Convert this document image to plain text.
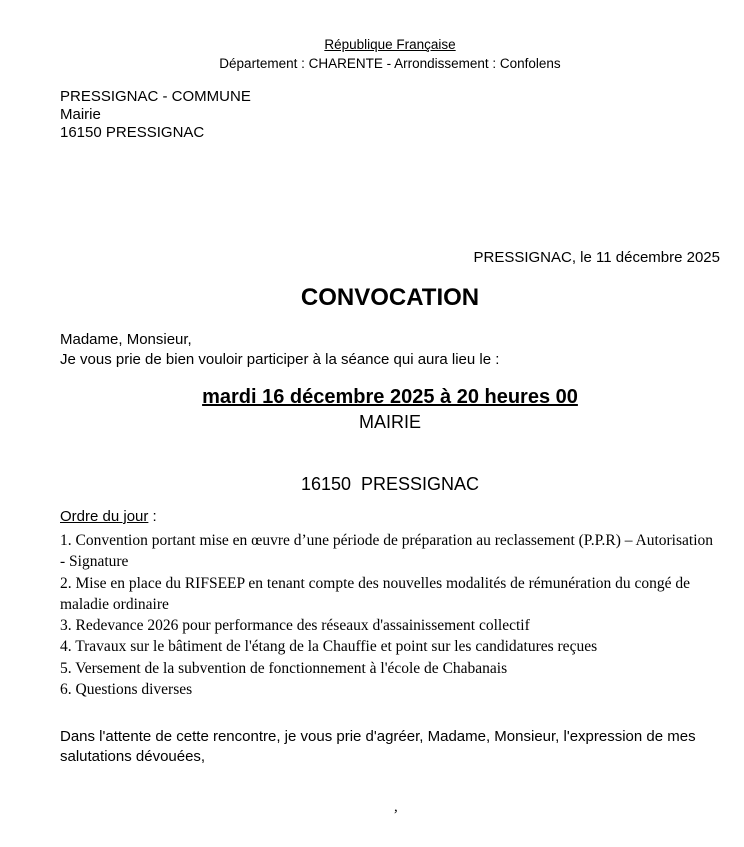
République Française
Département : CHARENTE - Arrondissement : Confolens
PRESSIGNAC - COMMUNE
Mairie
16150 PRESSIGNAC
PRESSIGNAC, le 11 décembre 2025
CONVOCATION
Madame, Monsieur,
Je vous prie de bien vouloir participer à la séance qui aura lieu le :
mardi 16 décembre 2025 à 20 heures 00
MAIRIE
16150  PRESSIGNAC
Ordre du jour :
1. Convention portant mise en œuvre d’une période de préparation au reclassement (P.P.R) – Autorisation - Signature
2. Mise en place du RIFSEEP en tenant compte des nouvelles modalités de rémunération du congé de maladie ordinaire
3. Redevance 2026 pour performance des réseaux d'assainissement collectif
4. Travaux sur le bâtiment de l'étang de la Chauffie et point sur les candidatures reçues
5. Versement de la subvention de fonctionnement à l'école de Chabanais
6. Questions diverses
Dans l'attente de cette rencontre, je vous prie d'agréer, Madame, Monsieur, l'expression de mes salutations dévouées,
,
